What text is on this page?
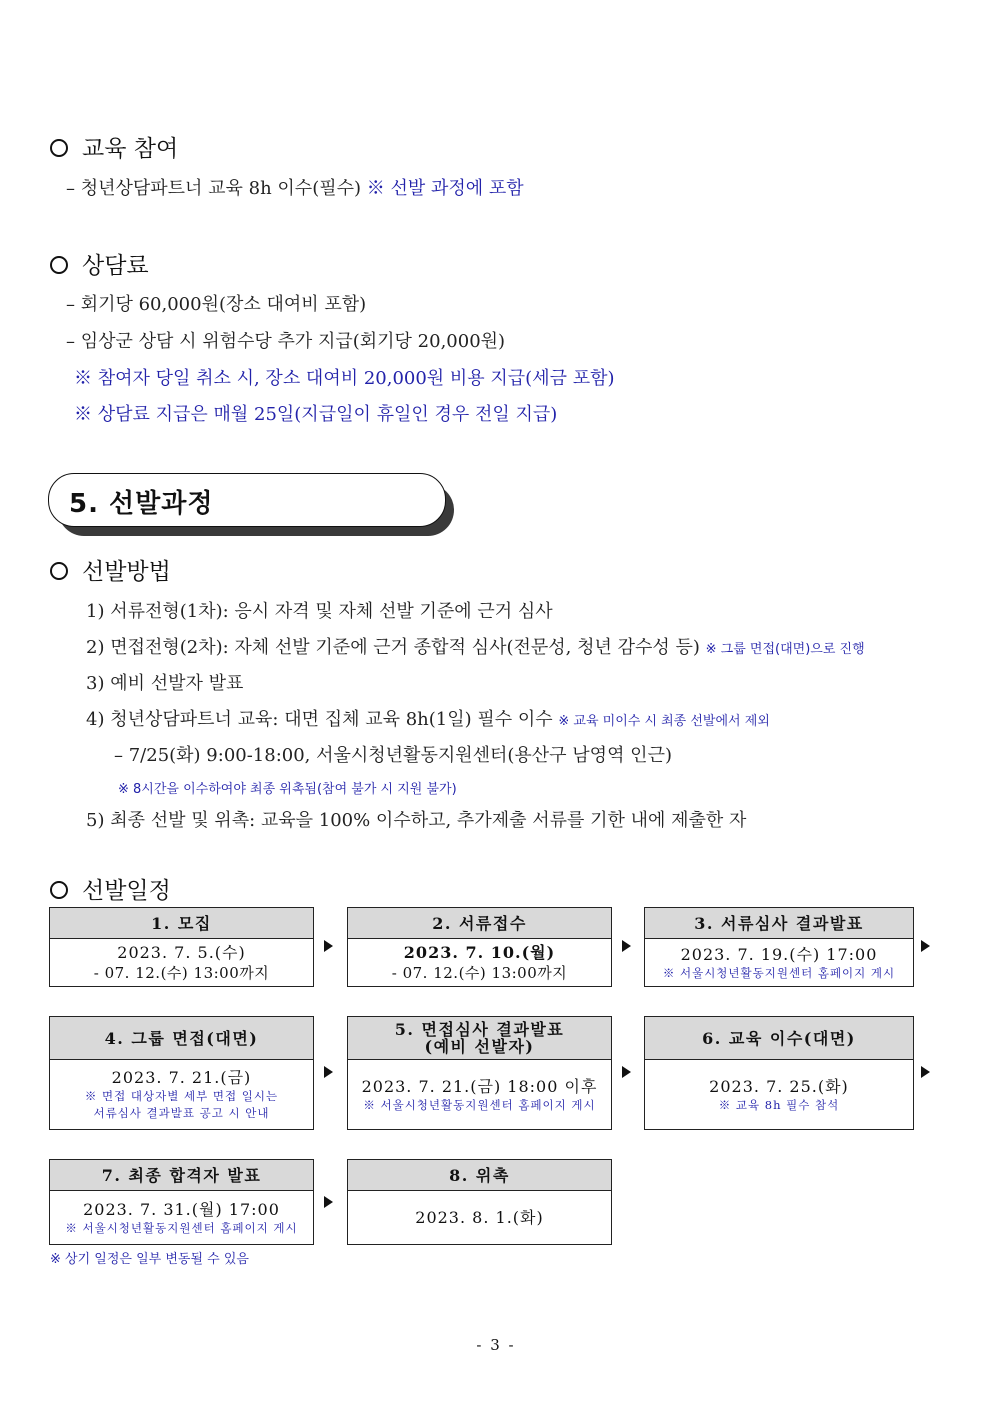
교육 참여
– 청년상담파트너 교육 8h 이수(필수) ※ 선발 과정에 포함
상담료
– 회기당 60,000원(장소 대여비 포함)
– 임상군 상담 시 위험수당 추가 지급(회기당 20,000원)
※ 참여자 당일 취소 시, 장소 대여비 20,000원 비용 지급(세금 포함)
※ 상담료 지급은 매월 25일(지급일이 휴일인 경우 전일 지급)
5. 선발과정
선발방법
1) 서류전형(1차): 응시 자격 및 자체 선발 기준에 근거 심사
2) 면접전형(2차): 자체 선발 기준에 근거 종합적 심사(전문성, 청년 감수성 등) ※ 그룹 면접(대면)으로 진행
3) 예비 선발자 발표
4) 청년상담파트너 교육: 대면 집체 교육 8h(1일) 필수 이수 ※ 교육 미이수 시 최종 선발에서 제외
– 7/25(화) 9:00-18:00, 서울시청년활동지원센터(용산구 남영역 인근)
※ 8시간을 이수하여야 최종 위촉됨(참여 불가 시 지원 불가)
5) 최종 선발 및 위촉: 교육을 100% 이수하고, 추가제출 서류를 기한 내에 제출한 자
선발일정
1. 모집
2023. 7. 5.(수)
- 07. 12.(수) 13:00까지
2. 서류접수
2023. 7. 10.(월)
- 07. 12.(수) 13:00까지
3. 서류심사 결과발표
2023. 7. 19.(수) 17:00
※ 서울시청년활동지원센터 홈페이지 게시
4. 그룹 면접(대면)
2023. 7. 21.(금)
※ 면접 대상자별 세부 면접 일시는
서류심사 결과발표 공고 시 안내
5. 면접심사 결과발표
(예비 선발자)
2023. 7. 21.(금) 18:00 이후
※ 서울시청년활동지원센터 홈페이지 게시
6. 교육 이수(대면)
2023. 7. 25.(화)
※ 교육 8h 필수 참석
7. 최종 합격자 발표
2023. 7. 31.(월) 17:00
※ 서울시청년활동지원센터 홈페이지 게시
8. 위촉
2023. 8. 1.(화)
※ 상기 일정은 일부 변동될 수 있음
- 3 -
